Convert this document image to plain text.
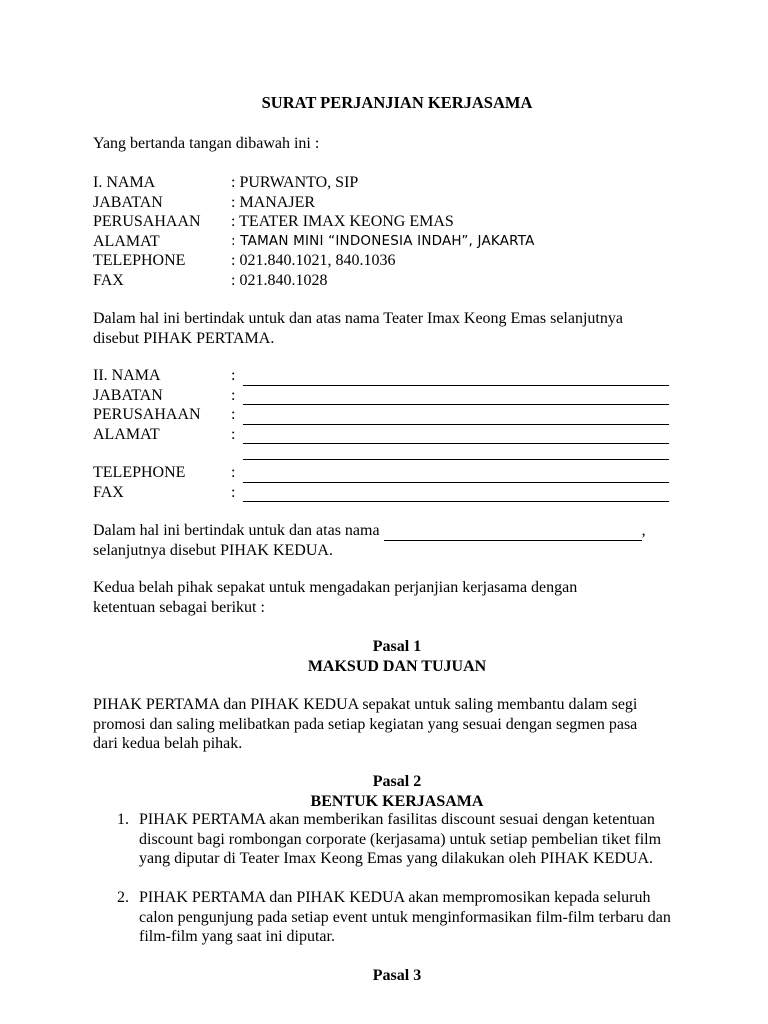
SURAT PERJANJIAN KERJASAMA

Yang bertanda tangan dibawah ini :

I. NAMA	: PURWANTO, SIP
JABATAN	: MANAJER
PERUSAHAAN : TEATER IMAX KEONG EMAS
ALAMAT	: TAMAN MINI “INDONESIA INDAH”, JAKARTA
TELEPHONE	: 021.840.1021, 840.1036
FAX	: 021.840.1028

Dalam hal ini bertindak untuk dan atas nama Teater Imax Keong Emas selanjutnya

disebut PIHAK PERTAMA.

II. NAMA	:
JABATAN	:
PERUSAHAAN :
ALAMAT	:
TELEPHONE	:
FAX	:

Dalam hal ini bertindak untuk dan atas nama	,

selanjutnya disebut PIHAK KEDUA.

Kedua belah pihak sepakat untuk mengadakan perjanjian kerjasama dengan

ketentuan sebagai berikut :

Pasal 1
MAKSUD DAN TUJUAN

PIHAK PERTAMA dan PIHAK KEDUA sepakat untuk saling membantu dalam segi

promosi dan saling melibatkan pada setiap kegiatan yang sesuai dengan segmen pasa

dari kedua belah pihak.

Pasal 2
BENTUK KERJASAMA
1. PIHAK PERTAMA akan memberikan fasilitas discount sesuai dengan ketentuan
discount bagi rombongan corporate (kerjasama) untuk setiap pembelian tiket film
yang diputar di Teater Imax Keong Emas yang dilakukan oleh PIHAK KEDUA.
2. PIHAK PERTAMA dan PIHAK KEDUA akan mempromosikan kepada seluruh
calon pengunjung pada setiap event untuk menginformasikan film-film terbaru dan
film-film yang saat ini diputar.
Pasal 3
